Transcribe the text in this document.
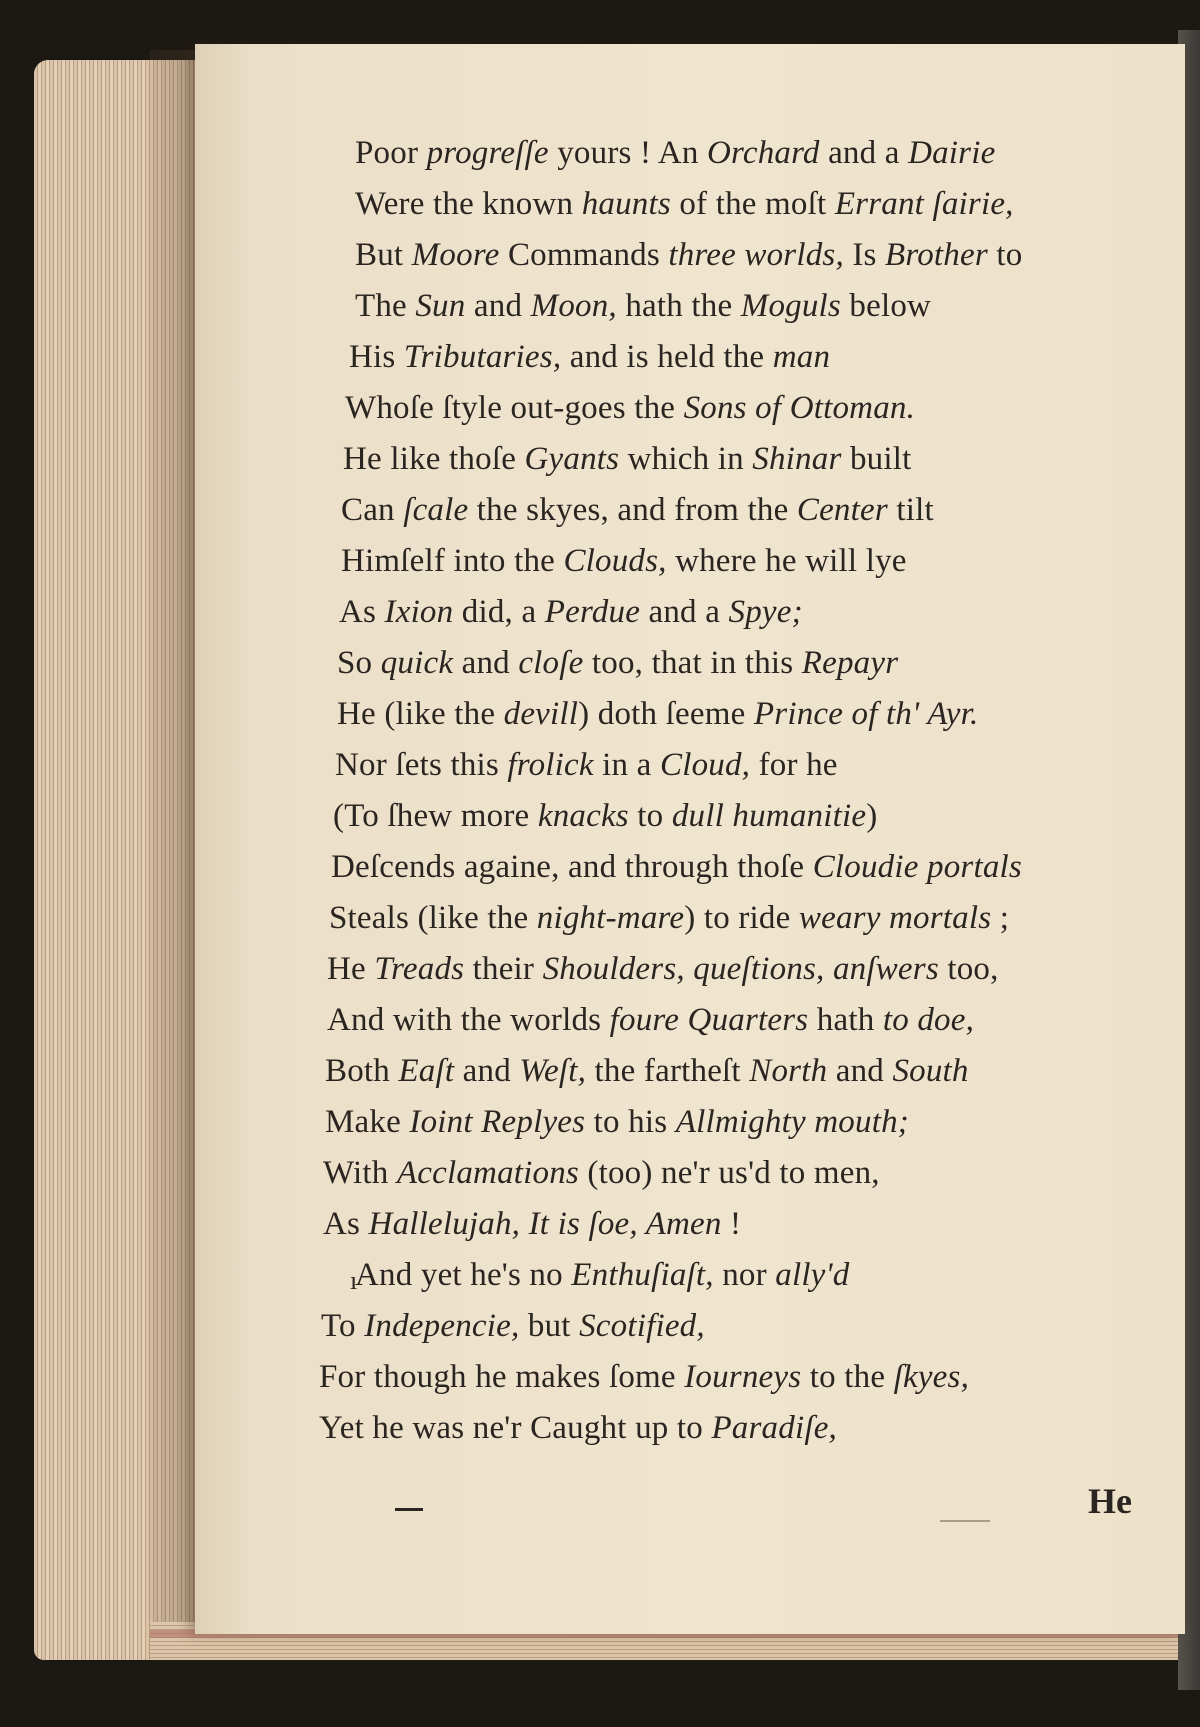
Poor progreſſe yours ! An Orchard and a Dairie
Were the known haunts of the moſt Errant ſairie,
But Moore Commands three worlds, Is Brother to
The Sun and Moon, hath the Moguls below
His Tributaries, and is held the man
Whoſe ſtyle out-goes the Sons of Ottoman.
He like thoſe Gyants which in Shinar built
Can ſcale the skyes, and from the Center tilt
Himſelf into the Clouds, where he will lye
As Ixion did, a Perdue and a Spye;
So quick and cloſe too, that in this Repayr
He (like the devill) doth ſeeme Prince of th' Ayr.
Nor ſets this frolick in a Cloud, for he
(To ſhew more knacks to dull humanitie)
Deſcends againe, and through thoſe Cloudie portals
Steals (like the night-mare) to ride weary mortals ;
He Treads their Shoulders, queſtions, anſwers too,
And with the worlds foure Quarters hath to doe,
Both Eaſt and Weſt, the fartheſt North and South
Make Ioint Replyes to his Allmighty mouth;
With Acclamations (too) ne'r us'd to men,
As Hallelujah, It is ſoe, Amen !
And yet he's no Enthuſiaſt, nor ally'd
To Indepencie, but Scotified,
For though he makes ſome Iourneys to the ſkyes,
Yet he was ne'r Caught up to Paradiſe,
ı
He
